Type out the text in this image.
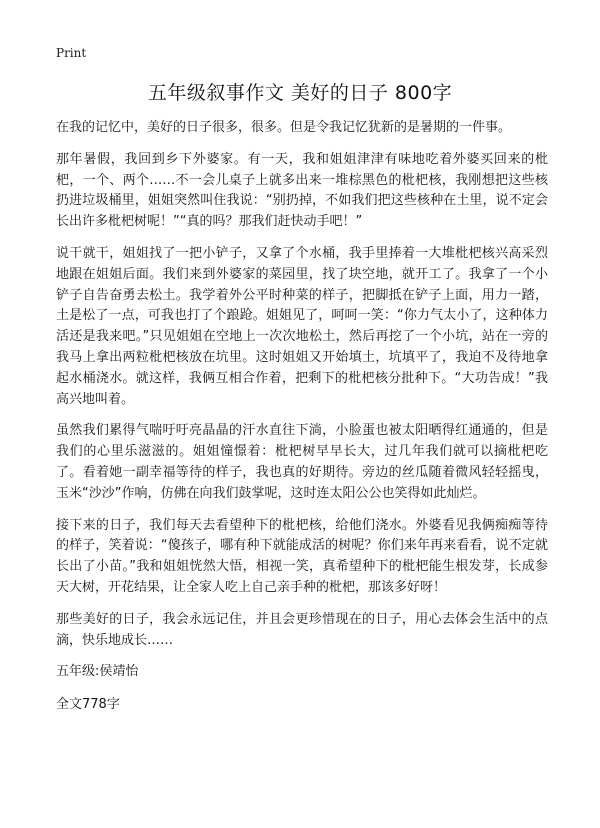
Print
五年级叙事作文 美好的日子 800字

在我的记忆中，美好的日子很多，很多。但是令我记忆犹新的是暑期的一件事。

那年暑假，我回到乡下外婆家。有一天，我和姐姐津津有味地吃着外婆买回来的枇杷，一个、两个……不一会儿桌子上就多出来一堆棕黑色的枇杷核，我刚想把这些核扔进垃圾桶里，姐姐突然叫住我说：“别扔掉，不如我们把这些核种在土里，说不定会长出许多枇杷树呢！”“真的吗？那我们赶快动手吧！”

说干就干，姐姐找了一把小铲子，又拿了个水桶，我手里捧着一大堆枇杷核兴高采烈地跟在姐姐后面。我们来到外婆家的菜园里，找了块空地，就开工了。我拿了一个小铲子自告奋勇去松土。我学着外公平时种菜的样子，把脚抵在铲子上面，用力一踏，土是松了一点，可我也打了个踉跄。姐姐见了，呵呵一笑：“你力气太小了，这种体力活还是我来吧。”只见姐姐在空地上一次次地松土，然后再挖了一个小坑，站在一旁的我马上拿出两粒枇杷核放在坑里。这时姐姐又开始填土，坑填平了，我迫不及待地拿起水桶浇水。就这样，我俩互相合作着，把剩下的枇杷核分批种下。“大功告成！”我高兴地叫着。

虽然我们累得气喘吁吁亮晶晶的汗水直往下淌，小脸蛋也被太阳晒得红通通的，但是我们的心里乐滋滋的。姐姐憧憬着：枇杷树早早长大，过几年我们就可以摘枇杷吃了。看着她一副幸福等待的样子，我也真的好期待。旁边的丝瓜随着微风轻轻摇曳，玉米“沙沙”作响，仿佛在向我们鼓掌呢，这时连太阳公公也笑得如此灿烂。

接下来的日子，我们每天去看望种下的枇杷核，给他们浇水。外婆看见我俩痴痴等待的样子，笑着说：“傻孩子，哪有种下就能成活的树呢？你们来年再来看看，说不定就长出了小苗。”我和姐姐恍然大悟，相视一笑，真希望种下的枇杷能生根发芽，长成参天大树，开花结果，让全家人吃上自己亲手种的枇杷，那该多好呀！

那些美好的日子，我会永远记住，并且会更珍惜现在的日子，用心去体会生活中的点滴，快乐地成长……

五年级:侯靖怡

全文778字
